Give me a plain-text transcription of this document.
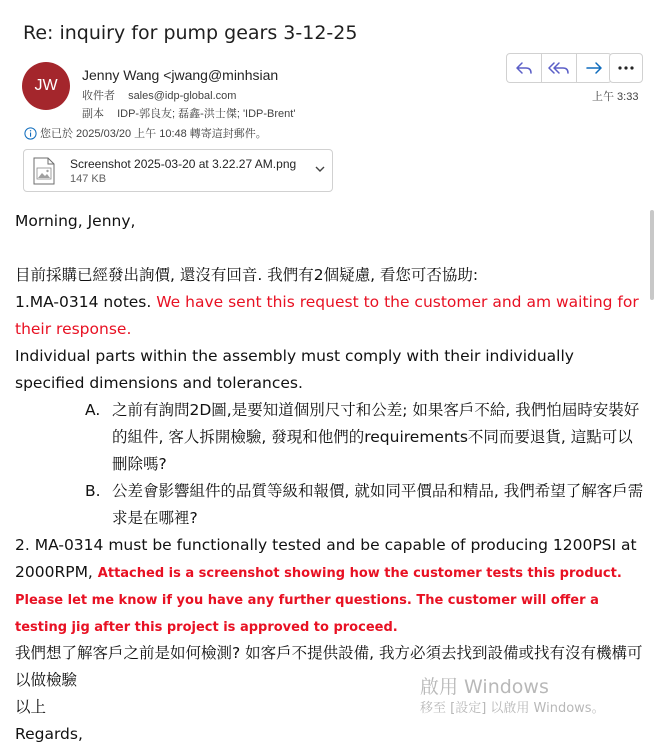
Re: inquiry for pump gears 3-12-25
JW
Jenny Wang <jwang@minhsian
收件者 sales@idp-global.com
副本 IDP-郭良友; 磊鑫-洪士傑; 'IDP-Brent'
上午 3:33
您已於 2025/03/20 上午 10:48 轉寄這封郵件。
Screenshot 2025-03-20 at 3.22.27 AM.png
147 KB

Morning, Jenny,

目前採購已經發出詢價, 還沒有回音. 我們有2個疑慮, 看您可否協助:

1.MA-0314 notes. We have sent this request to the customer and am waiting for their response.

Individual parts within the assembly must comply with their individually specified dimensions and tolerances.

A. 之前有詢問2D圖,是要知道個別尺寸和公差; 如果客戶不給, 我們怕屆時安裝好的組件, 客人拆開檢驗, 發現和他們的requirements不同而要退貨, 這點可以刪除嗎?
B. 公差會影響組件的品質等級和報價, 就如同平價品和精品, 我們希望了解客戶需求是在哪裡?

2. MA-0314 must be functionally tested and be capable of producing 1200PSI at 2000RPM, Attached is a screenshot showing how the customer tests this product. Please let me know if you have any further questions. The customer will offer a testing jig after this project is approved to proceed.

我們想了解客戶之前是如何檢測? 如客戶不提供設備, 我方必須去找到設備或找有沒有機構可以做檢驗

以上

Regards,

啟用 Windows
移至 [設定] 以啟用 Windows。
